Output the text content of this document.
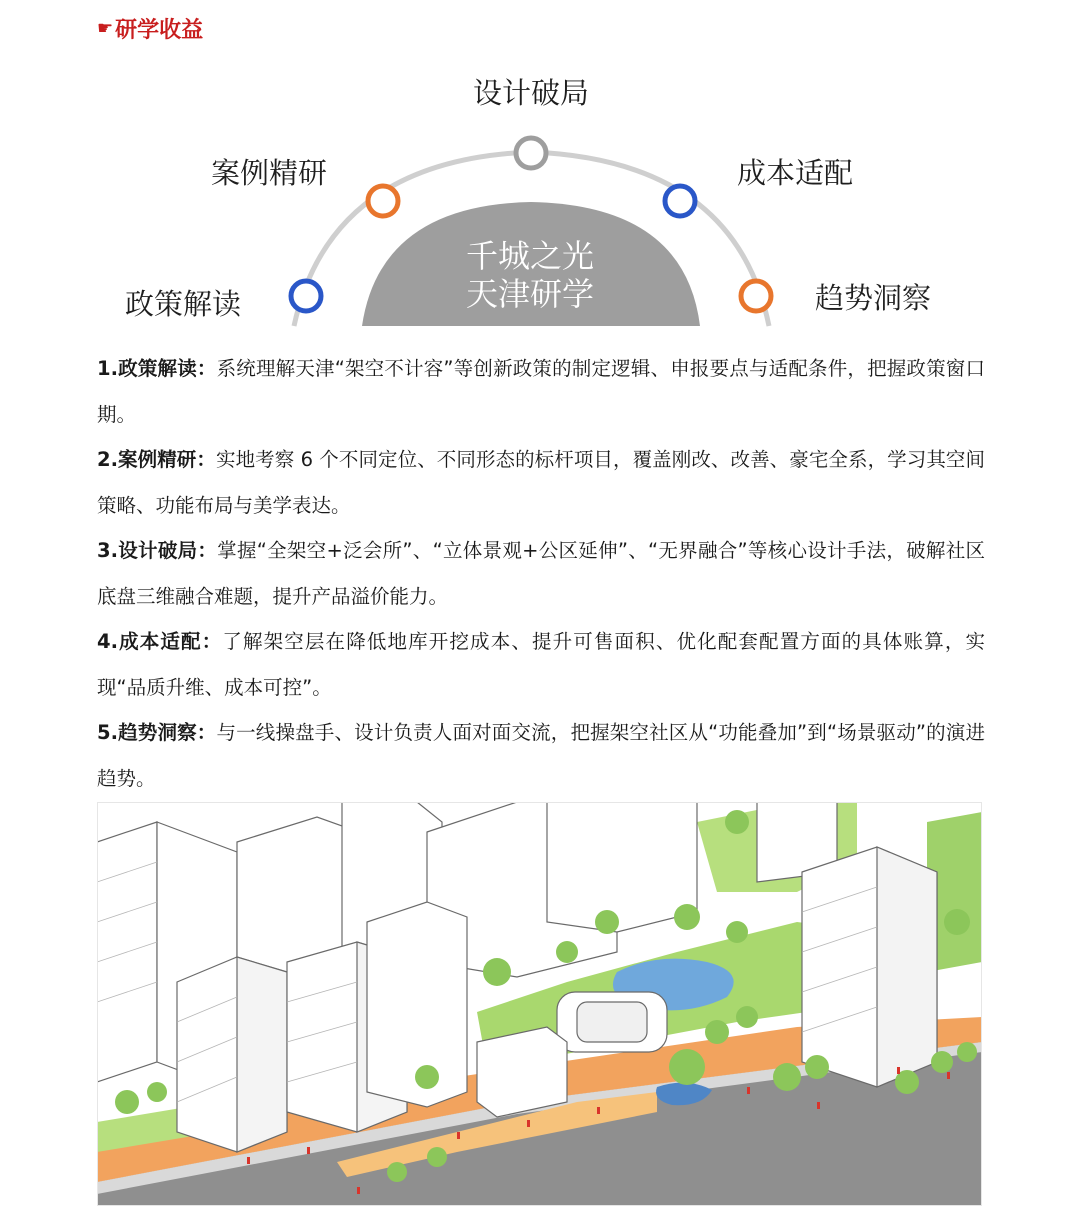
☛ 研学收益
设计破局
案例精研	成本适配
政策解读	趋势洞察
千城之光
天津研学

1.政策解读：系统理解天津“架空不计容”等创新政策的制定逻辑、申报要点与适配条件，把握政策窗口期。

2.案例精研：实地考察 6 个不同定位、不同形态的标杆项目，覆盖刚改、改善、豪宅全系，学习其空间策略、功能布局与美学表达。

3.设计破局：掌握“全架空+泛会所”、“立体景观+公区延伸”、“无界融合”等核心设计手法，破解社区底盘三维融合难题，提升产品溢价能力。

4.成本适配：了解架空层在降低地库开挖成本、提升可售面积、优化配套配置方面的具体账算，实现“品质升维、成本可控”。

5.趋势洞察：与一线操盘手、设计负责人面对面交流，把握架空社区从“功能叠加”到“场景驱动”的演进趋势。
